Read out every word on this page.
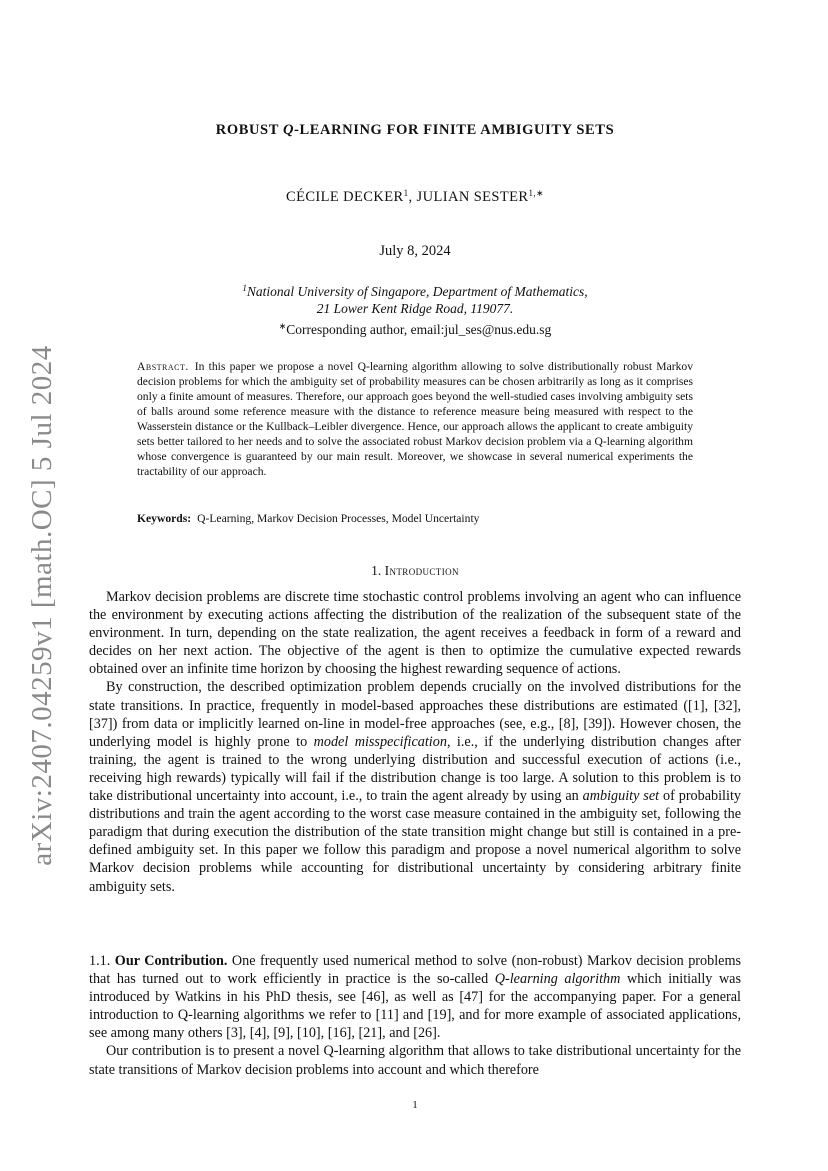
arXiv:2407.04259v1 [math.OC] 5 Jul 2024
ROBUST Q-LEARNING FOR FINITE AMBIGUITY SETS
CÉCILE DECKER$^1$, JULIAN $SESTER^{1,∗}$
July 8, 2024
$^1$National University of Singapore, Department of Mathematics,
21 Lower Kent Ridge Road, 119077.
∗Corresponding author, email:jul_ses@nus.edu.sg
Abstract. In this paper we propose a novel Q-learning algorithm allowing to solve distributionally robust Markov decision problems for which the ambiguity set of probability measures can be chosen arbitrarily as long as it comprises only a finite amount of measures. Therefore, our approach goes beyond the well-studied cases involving ambiguity sets of balls around some reference measure with the distance to reference measure being measured with respect to the Wasserstein distance or the Kullback–Leibler divergence. Hence, our approach allows the applicant to create ambiguity sets better tailored to her needs and to solve the associated robust Markov decision problem via a Q-learning algorithm whose convergence is guaranteed by our main result. Moreover, we showcase in several numerical experiments the tractability of our approach.
Keywords: Q-Learning, Markov Decision Processes, Model Uncertainty
1. Introduction

Markov decision problems are discrete time stochastic control problems involving an agent who can influence the environment by executing actions affecting the distribution of the realization of the subsequent state of the environment. In turn, depending on the state realization, the agent receives a feedback in form of a reward and decides on her next action. The objective of the agent is then to optimize the cumulative expected rewards obtained over an infinite time horizon by choosing the highest rewarding sequence of actions.

By construction, the described optimization problem depends crucially on the involved distributions for the state transitions. In practice, frequently in model-based approaches these distributions are estimated ([1], [32], [37]) from data or implicitly learned on-line in model-free approaches (see, e.g., [8], [39]). However chosen, the underlying model is highly prone to model misspecification, i.e., if the underlying distribution changes after training, the agent is trained to the wrong underlying distribution and successful execution of actions (i.e., receiving high rewards) typically will fail if the distribution change is too large. A solution to this problem is to take distributional uncertainty into account, i.e., to train the agent already by using an ambiguity set of probability distributions and train the agent according to the worst case measure contained in the ambiguity set, following the paradigm that during execution the distribution of the state transition might change but still is contained in a pre-defined ambiguity set. In this paper we follow this paradigm and propose a novel numerical algorithm to solve Markov decision problems while accounting for distributional uncertainty by considering arbitrary finite ambiguity sets.

1.1. Our Contribution. One frequently used numerical method to solve (non-robust) Markov decision problems that has turned out to work efficiently in practice is the so-called Q-learning algorithm which initially was introduced by Watkins in his PhD thesis, see [46], as well as [47] for the accompanying paper. For a general introduction to Q-learning algorithms we refer to [11] and [19], and for more example of associated applications, see among many others [3], [4], [9], [10], [16], [21], and [26].

Our contribution is to present a novel Q-learning algorithm that allows to take distributional uncertainty for the state transitions of Markov decision problems into account and which therefore

1
